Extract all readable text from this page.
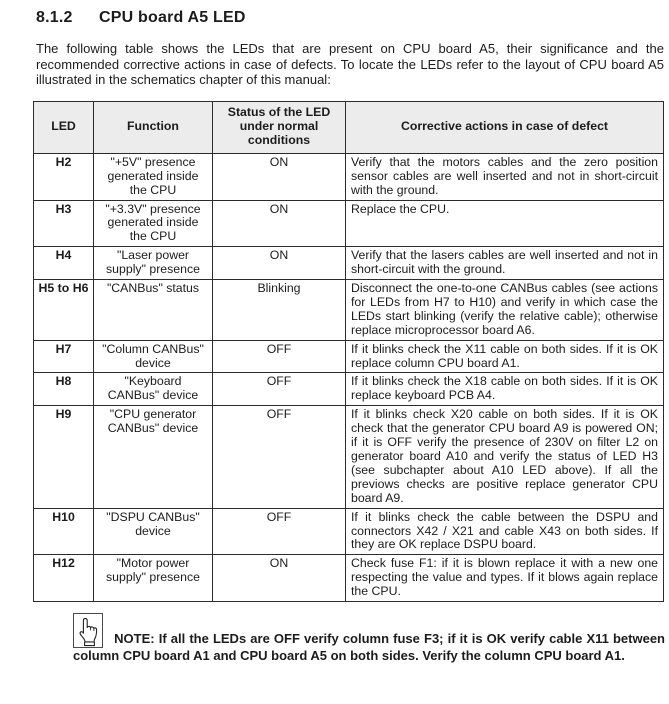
8.1.2 CPU board A5 LED

The following table shows the LEDs that are present on CPU board A5, their significance and the recommended corrective actions in case of defects. To locate the LEDs refer to the layout of CPU board A5 illustrated in the schematics chapter of this manual:

LED	Function	Status of the LED under normal conditions	Corrective actions in case of defect
H2	"+5V" presence generated inside the CPU	ON	Verify that the motors cables and the zero position sensor cables are well inserted and not in short-circuit with the ground.
H3	"+3.3V" presence generated inside the CPU	ON	Replace the CPU.
H4	"Laser power supply" presence	ON	Verify that the lasers cables are well inserted and not in short-circuit with the ground.
H5 to H6	"CANBus" status	Blinking	Disconnect the one-to-one CANBus cables (see actions for LEDs from H7 to H10) and verify in which case the LEDs start blinking (verify the relative cable); otherwise replace microprocessor board A6.
H7	"Column CANBus" device	OFF	If it blinks check the X11 cable on both sides. If it is OK replace column CPU board A1.
H8	"Keyboard CANBus" device	OFF	If it blinks check the X18 cable on both sides. If it is OK replace keyboard PCB A4.
H9	"CPU generator CANBus" device	OFF	If it blinks check X20 cable on both sides. If it is OK check that the generator CPU board A9 is powered ON; if it is OFF verify the presence of 230V on filter L2 on generator board A10 and verify the status of LED H3 (see subchapter about A10 LED above). If all the previows checks are positive replace generator CPU board A9.
H10	"DSPU CANBus" device	OFF	If it blinks check the cable between the DSPU and connectors X42 / X21 and cable X43 on both sides. If they are OK replace DSPU board.
H12	"Motor power supply" presence	ON	Check fuse F1: if it is blown replace it with a new one respecting the value and types. If it blows again replace the CPU.
NOTE: If all the LEDs are OFF verify column fuse F3; if it is OK verify cable X11 between column CPU board A1 and CPU board A5 on both sides. Verify the column CPU board A1.
